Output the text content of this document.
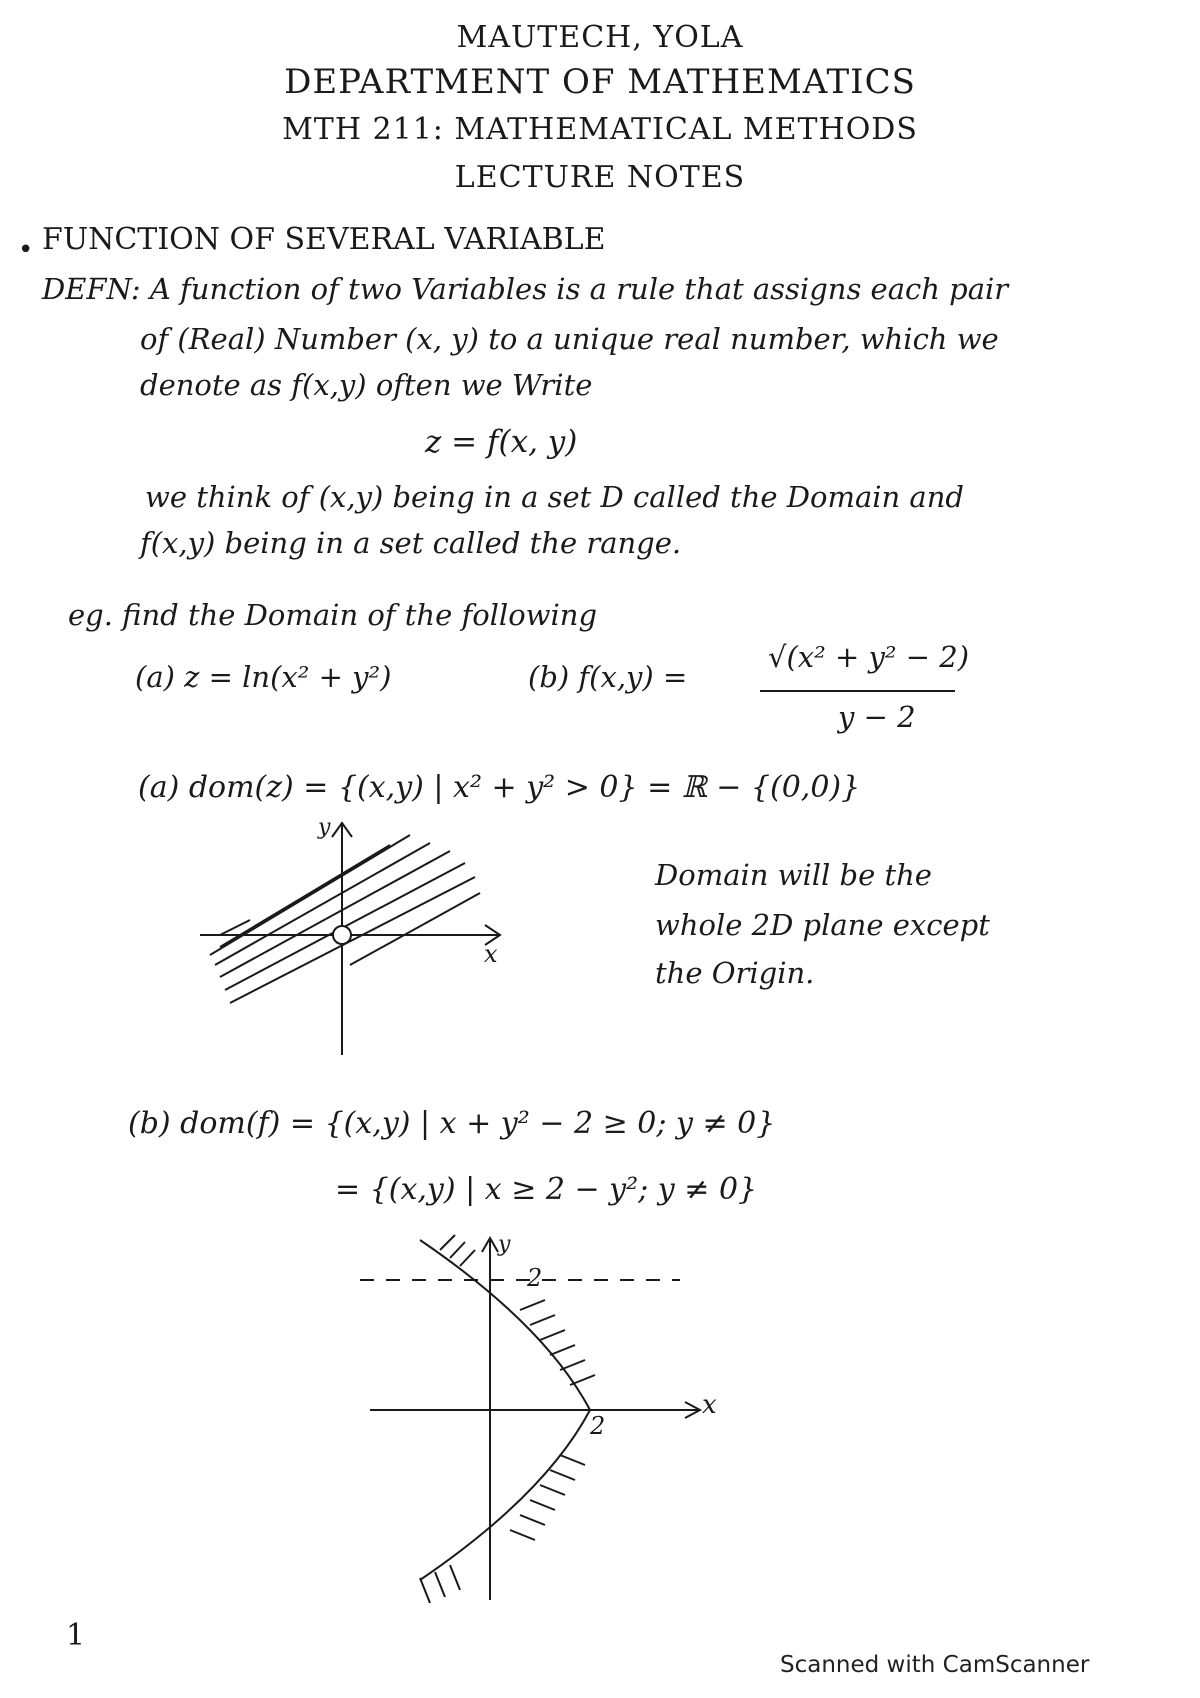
MAUTECH, YOLA
DEPARTMENT OF MATHEMATICS
MTH 211: MATHEMATICAL METHODS
LECTURE NOTES
• FUNCTION OF SEVERAL VARIABLE
DEFN: A function of two Variables is a rule that assigns each pair
of (Real) Number (x, y) to a unique real number, which we
denote as f(x,y) often we Write
z = f(x, y)
we think of (x,y) being in a set D called the Domain and
f(x,y) being in a set called the range.
eg. find the Domain of the following
(a) z = ln(x² + y²)	(b) f(x,y) =
√(x² + y² − 2)
y − 2
(a) dom(z) = {(x,y) | x² + y² > 0} = ℝ − {(0,0)}
y
x
Domain will be the
whole 2D plane except
the Origin.
(b) dom(f) = {(x,y) | x + y² − 2 ≥ 0; y ≠ 0}
= {(x,y) | x ≥ 2 − y²; y ≠ 0}
y
2
2
x
1
Scanned with CamScanner
